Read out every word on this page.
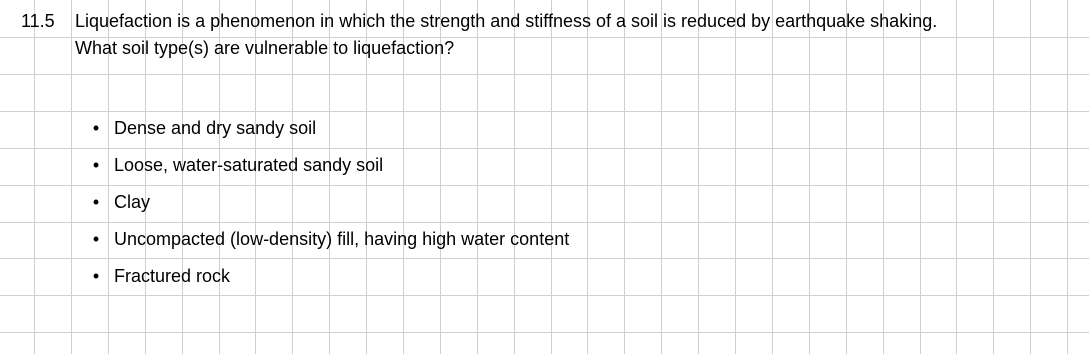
11.5 Liquefaction is a phenomenon in which the strength and stiffness of a soil is reduced by earthquake shaking.
What soil type(s) are vulnerable to liquefaction?
• Dense and dry sandy soil
• Loose, water-saturated sandy soil
• Clay
• Uncompacted (low-density) fill, having high water content
• Fractured rock
